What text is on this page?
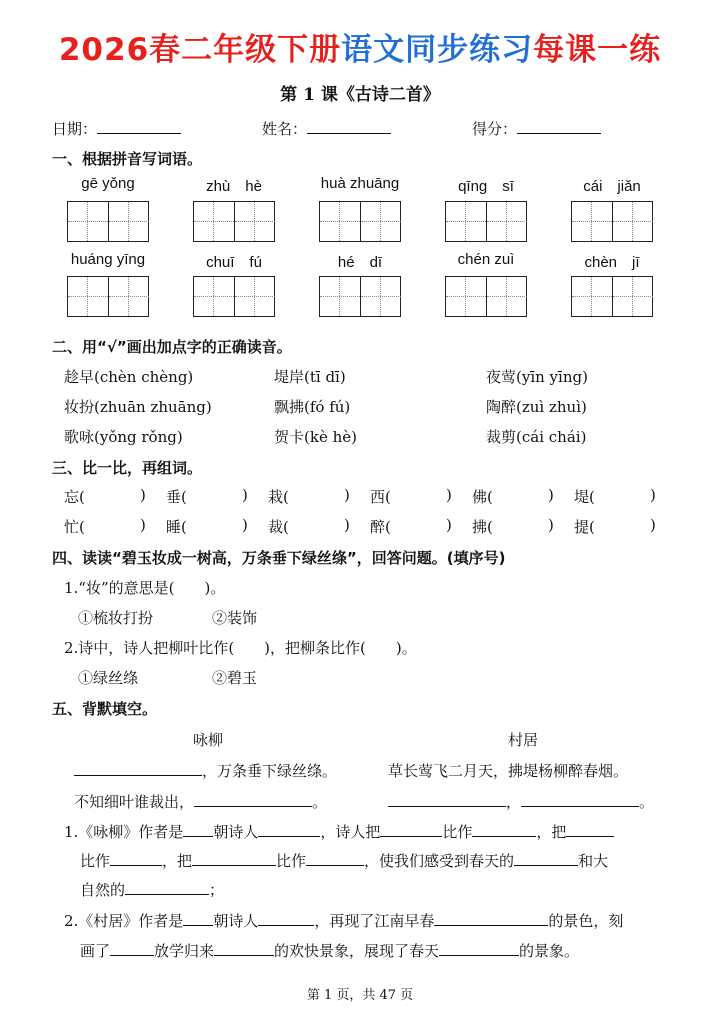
2026春二年级下册语文同步练习每课一练
第 1 课《古诗二首》
日期：	姓名：	得分：
一、根据拼音写词语。
gē yǒng	zhù　hè	huà zhuāng	qīng　sī	cái　jiǎn
huáng yīng	chuī　fú	hé　dī	chén zuì	chèn　jī
二、用“√”画出加点字的正确读音。
趁早(chèn chèng)	堤岸(tī dī)	夜莺(yīn yīng)
妆扮(zhuān zhuāng)	飘拂(fó fú)	陶醉(zuì zhuì)
歌咏(yǒng rǒng)	贺卡(kè hè)	裁剪(cái chái)
三、比一比，再组词。
忘(	) 垂(	) 栽(	) 西(	) 佛(	) 堤(	)
忙(	) 睡(	) 裁(	) 醉(	) 拂(	) 提(	)
四、读读“碧玉妆成一树高，万条垂下绿丝绦”，回答问题。(填序号)
1.“妆”的意思是(　　)。
①梳妆打扮	②装饰
2.诗中，诗人把柳叶比作(　　)，把柳条比作(　　)。
①绿丝绦	②碧玉
五、背默填空。
咏柳	村居
，万条垂下绿丝绦。	草长莺飞二月天，拂堤杨柳醉春烟。
不知细叶谁裁出，	。	，	。
1.《咏柳》作者是 朝诗人	，诗人把	比作	，把
比作	，把	比作	，使我们感受到春天的	和大
自然的	；
2.《村居》作者是 朝诗人	，再现了江南早春	的景色，刻
画了	放学归来	的欢快景象，展现了春天	的景象。
第 1 页，共 47 页
